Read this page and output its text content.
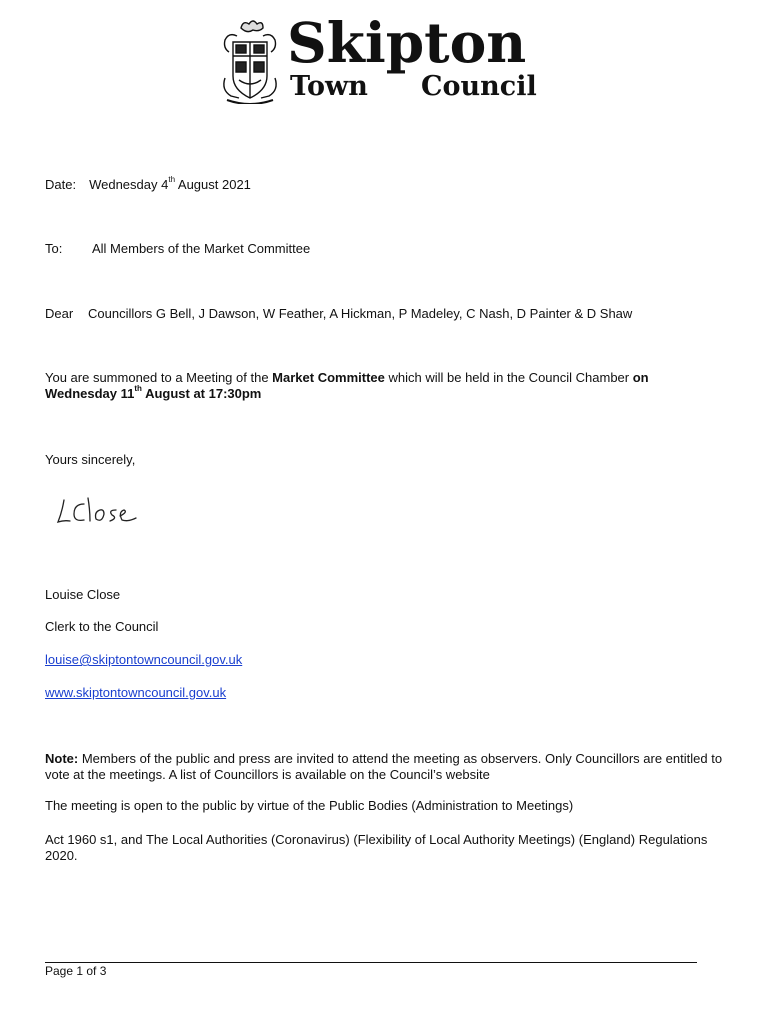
Skipton
Town Council
Date: Wednesday 4th August 2021
To: All Members of the Market Committee
Dear Councillors G Bell, J Dawson, W Feather, A Hickman, P Madeley, C Nash, D Painter & D Shaw

You are summoned to a Meeting of the Market Committee which will be held in the Council Chamber on
Wednesday 11th August at 17:30pm

Yours sincerely,
Louise Close
Clerk to the Council
louise@skiptontowncouncil.gov.uk
www.skiptontowncouncil.gov.uk

Note: Members of the public and press are invited to attend the meeting as observers. Only Councillors are entitled to vote at the meetings. A list of Councillors is available on the Council’s website

The meeting is open to the public by virtue of the Public Bodies (Administration to Meetings)

Act 1960 s1, and The Local Authorities (Coronavirus) (Flexibility of Local Authority Meetings) (England) Regulations 2020.

Page 1 of 3
